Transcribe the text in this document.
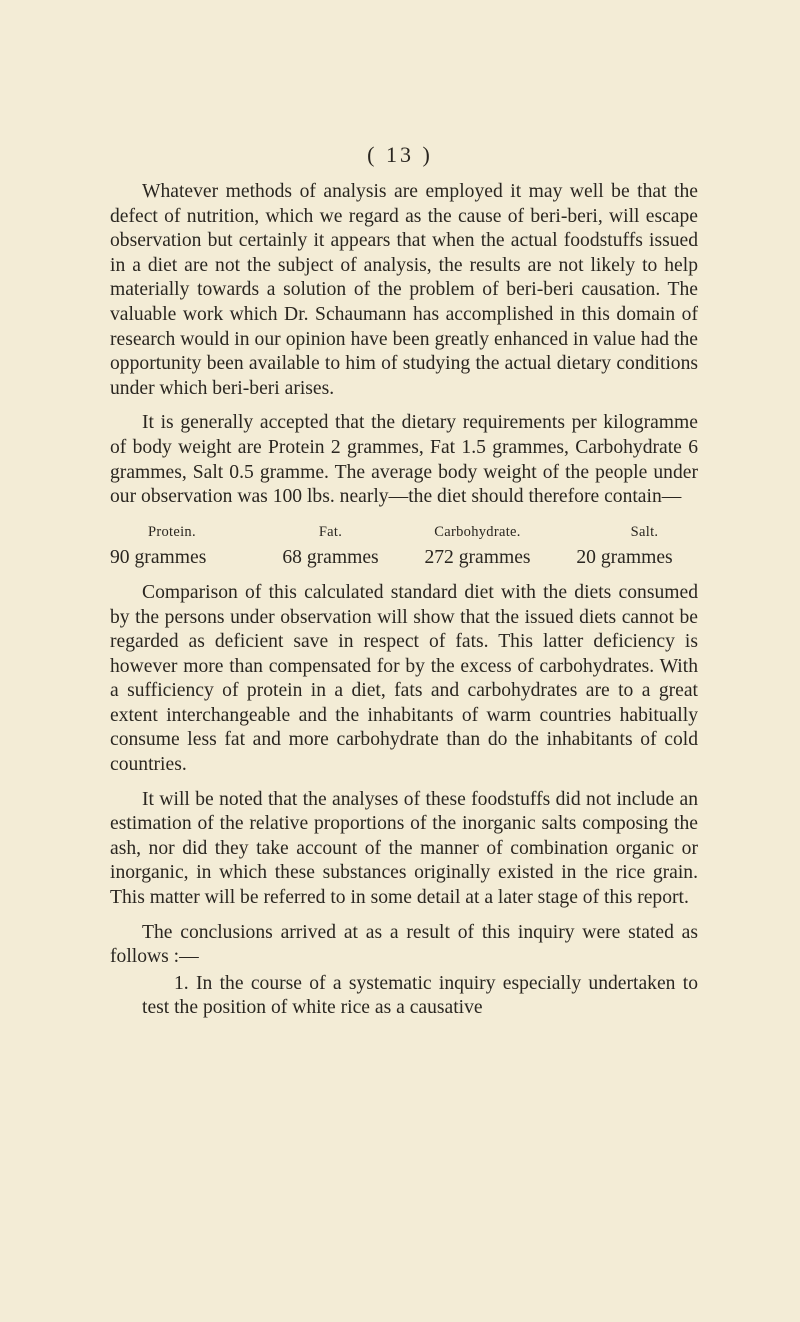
( 13 )

Whatever methods of analysis are employed it may well be that the defect of nutrition, which we regard as the cause of beri-beri, will escape observation but certainly it appears that when the actual foodstuffs issued in a diet are not the subject of analysis, the results are not likely to help materially towards a solution of the problem of beri-beri causation. The valuable work which Dr. Schaumann has accomplished in this domain of research would in our opinion have been greatly enhanced in value had the opportunity been available to him of studying the actual dietary conditions under which beri-beri arises.

It is generally accepted that the dietary requirements per kilogramme of body weight are Protein 2 grammes, Fat 1.5 grammes, Carbohydrate 6 grammes, Salt 0.5 gramme. The average body weight of the people under our observation was 100 lbs. nearly—the diet should therefore contain—

Protein.	Fat.	Carbohydrate.	Salt.
90 grammes	68 grammes	272 grammes	20 grammes

Comparison of this calculated standard diet with the diets consumed by the persons under observation will show that the issued diets cannot be regarded as deficient save in respect of fats. This latter deficiency is however more than compensated for by the excess of carbohydrates. With a sufficiency of protein in a diet, fats and carbohydrates are to a great extent interchangeable and the inhabitants of warm countries habitually consume less fat and more carbohydrate than do the inhabitants of cold countries.

It will be noted that the analyses of these foodstuffs did not include an estimation of the relative proportions of the inorganic salts composing the ash, nor did they take account of the manner of combination organic or inorganic, in which these substances originally existed in the rice grain. This matter will be referred to in some detail at a later stage of this report.

The conclusions arrived at as a result of this inquiry were stated as follows :—

1. In the course of a systematic inquiry especially undertaken to test the position of white rice as a causative
